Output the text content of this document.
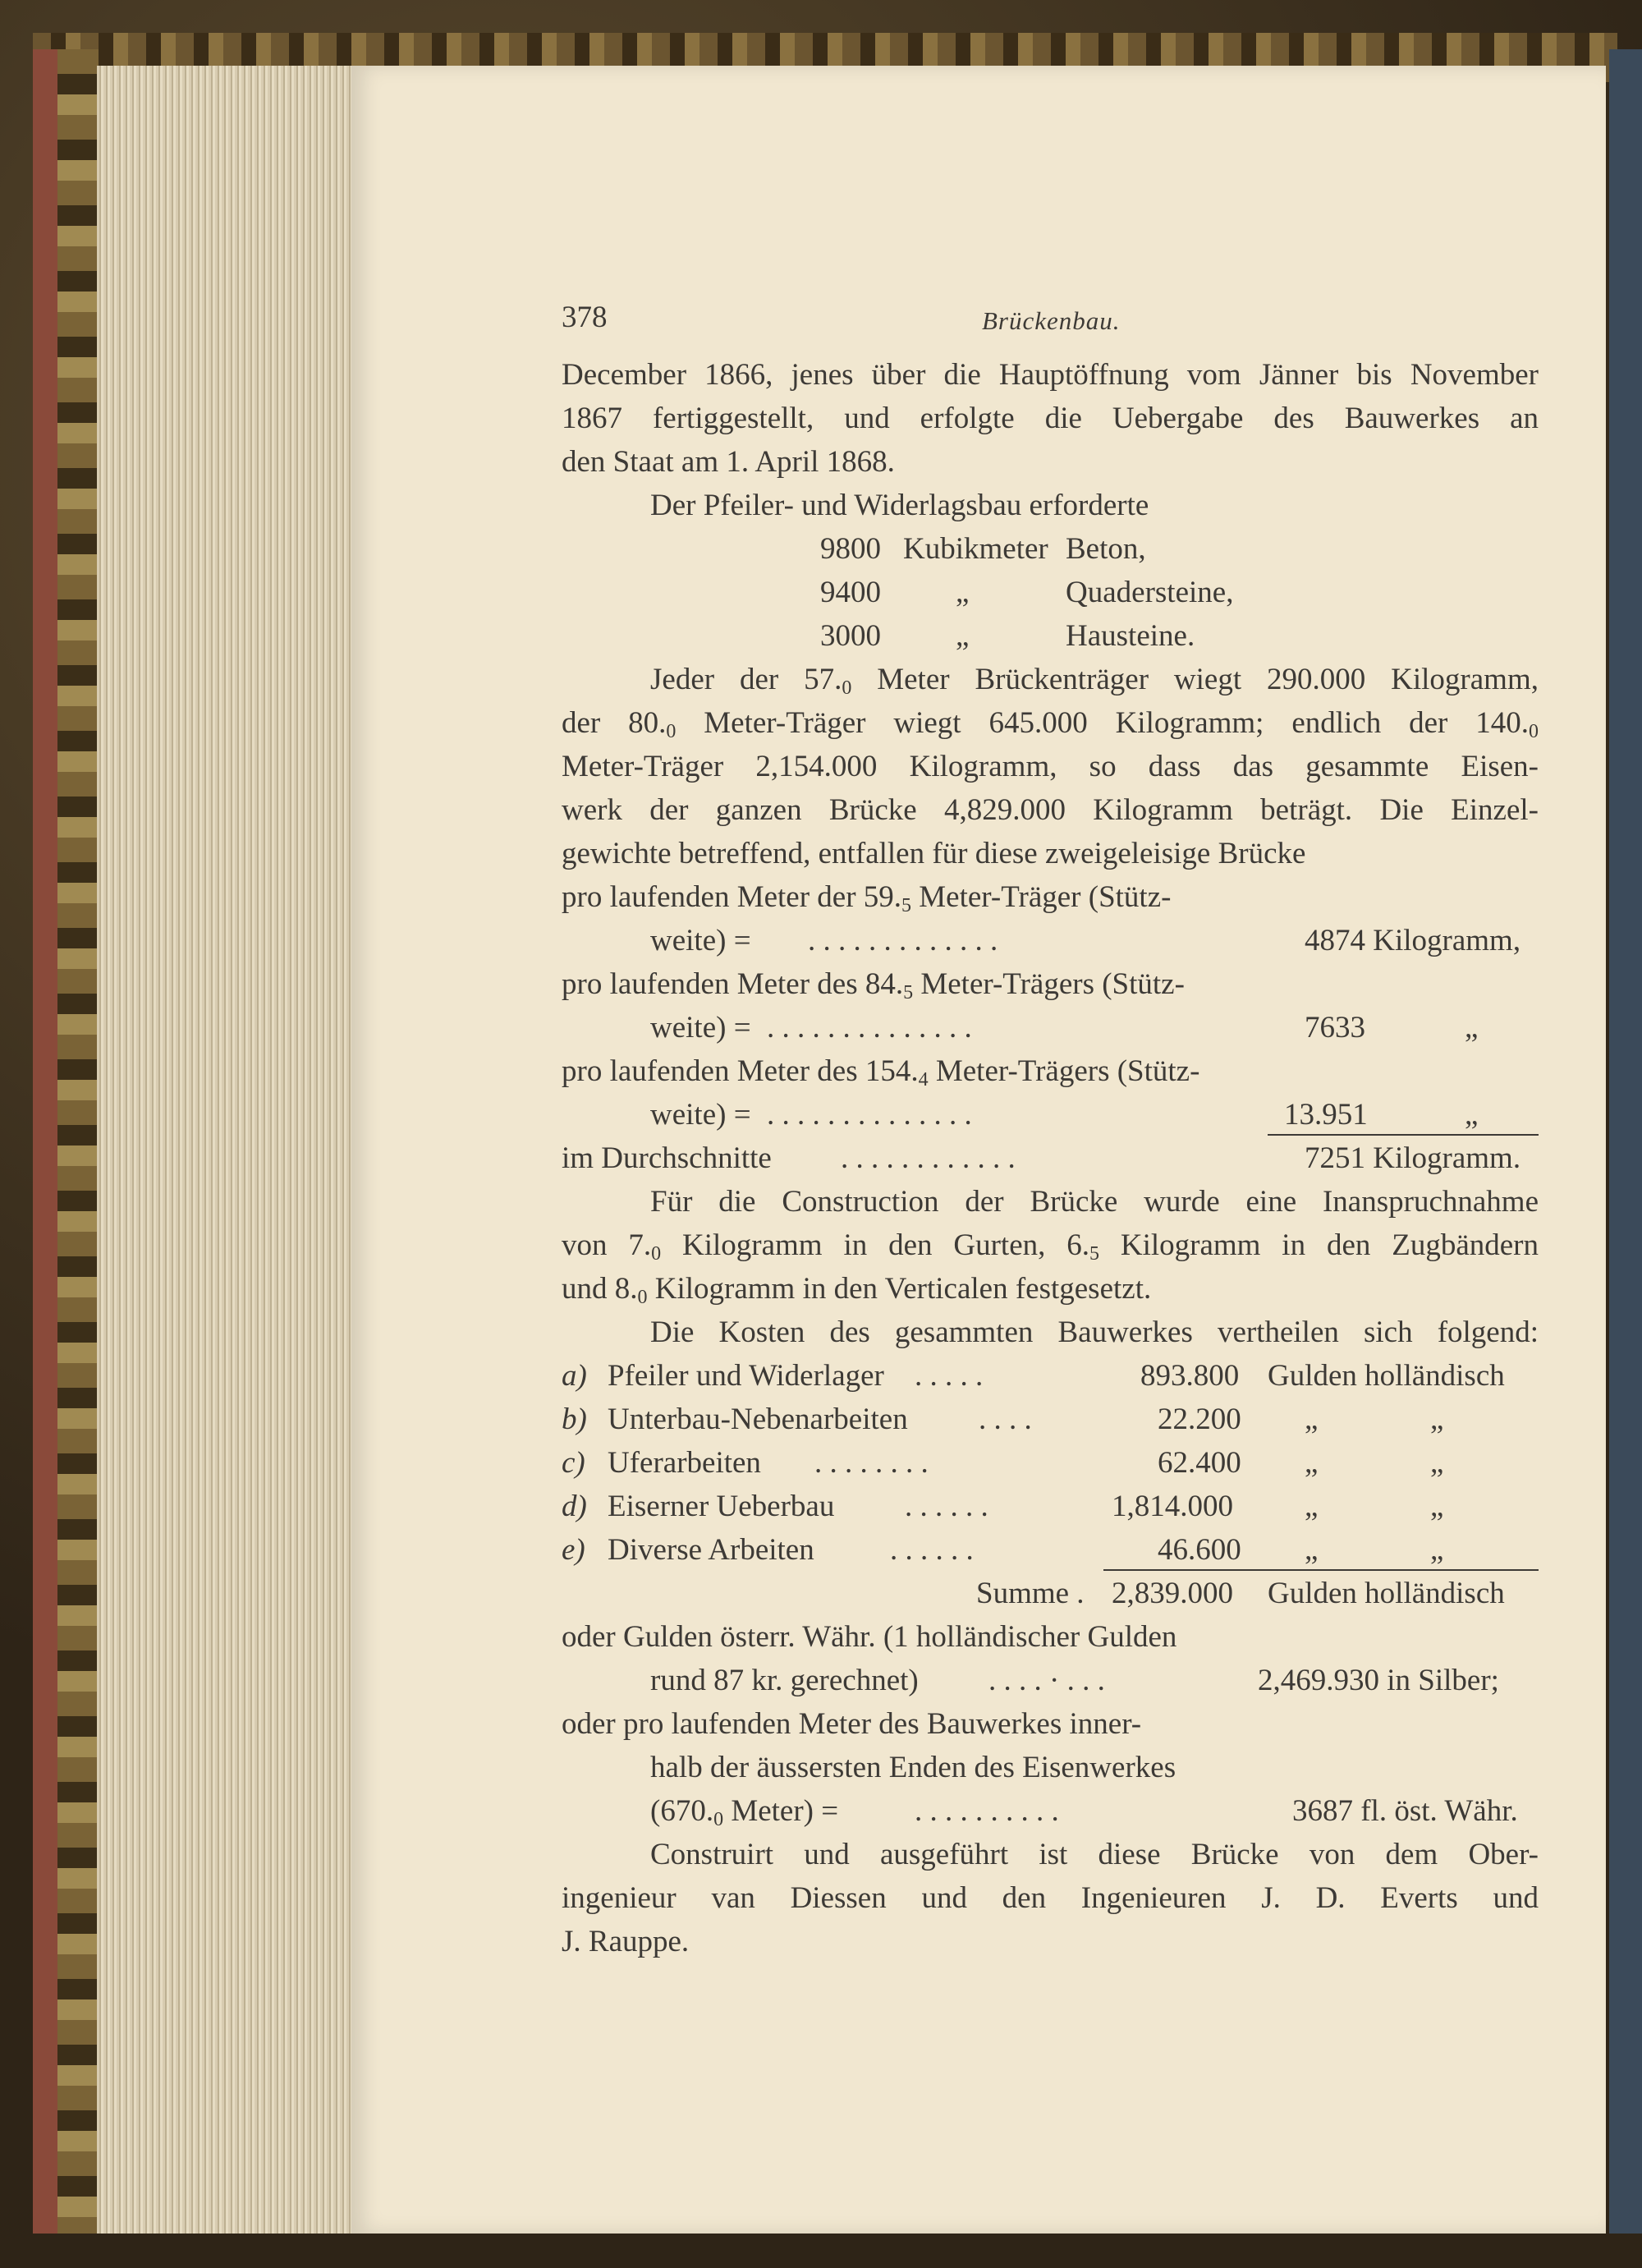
378	Brückenbau.
December 1866, jenes über die Hauptöffnung vom Jänner bis November
1867 fertiggestellt, und erfolgte die Uebergabe des Bauwerkes an
den Staat am 1. April 1868.
Der Pfeiler- und Widerlagsbau erforderte
9800 Kubikmeter Beton,
9400 „	Quadersteine,
3000 „	Hausteine.
Jeder der $57._0$ Meter Brückenträger wiegt 290.000 Kilogramm,
der $80._0$ Meter-Träger wiegt 645.000 Kilogramm; endlich der $140._0$
Meter-Träger 2,154.000 Kilogramm, so dass das gesammte Eisen-
werk der ganzen Brücke 4,829.000 Kilogramm beträgt. Die Einzel-
gewichte betreffend, entfallen für diese zweigeleisige Brücke
pro laufenden Meter der $59._5$ Meter-Träger (Stütz-
weite) = . . . . . . . . . . . . .	4874 Kilogramm,
pro laufenden Meter des $84._5$ Meter-Trägers (Stütz-
weite) = . . . . . . . . . . . . . .	7633	„
pro laufenden Meter des $154._4$ Meter-Trägers (Stütz-
weite) = . . . . . . . . . . . . . .	13.951	„
im Durchschnitte . . . . . . . . . . . .	7251 Kilogramm.
Für die Construction der Brücke wurde eine Inanspruchnahme
von $7._0$ Kilogramm in den Gurten, $6._5$ Kilogramm in den Zugbändern
und $8._0$ Kilogramm in den Verticalen festgesetzt.
Die Kosten des gesammten Bauwerkes vertheilen sich folgend:
a) Pfeiler und Widerlager . . . . .	893.800 Gulden holländisch
b) Unterbau-Nebenarbeiten . . . .	22.200 „	„
c) Uferarbeiten . . . . . . . .	62.400 „	„
d) Eiserner Ueberbau . . . . . .	1,814.000 „	„
e) Diverse Arbeiten . . . . . .	46.600 „	„
Summe . 2,839.000 Gulden holländisch
oder Gulden österr. Währ. (1 holländischer Gulden
rund 87 kr. gerechnet) . . . . · . . .	2,469.930 in Silber;
oder pro laufenden Meter des Bauwerkes inner-
halb der äussersten Enden des Eisenwerkes
($670._0$ Meter) =	. . . . . . . . . .	3687 fl. öst. Währ.
Construirt und ausgeführt ist diese Brücke von dem Ober-
ingenieur van Diessen und den Ingenieuren J. D. Everts und
J. Rauppe.
